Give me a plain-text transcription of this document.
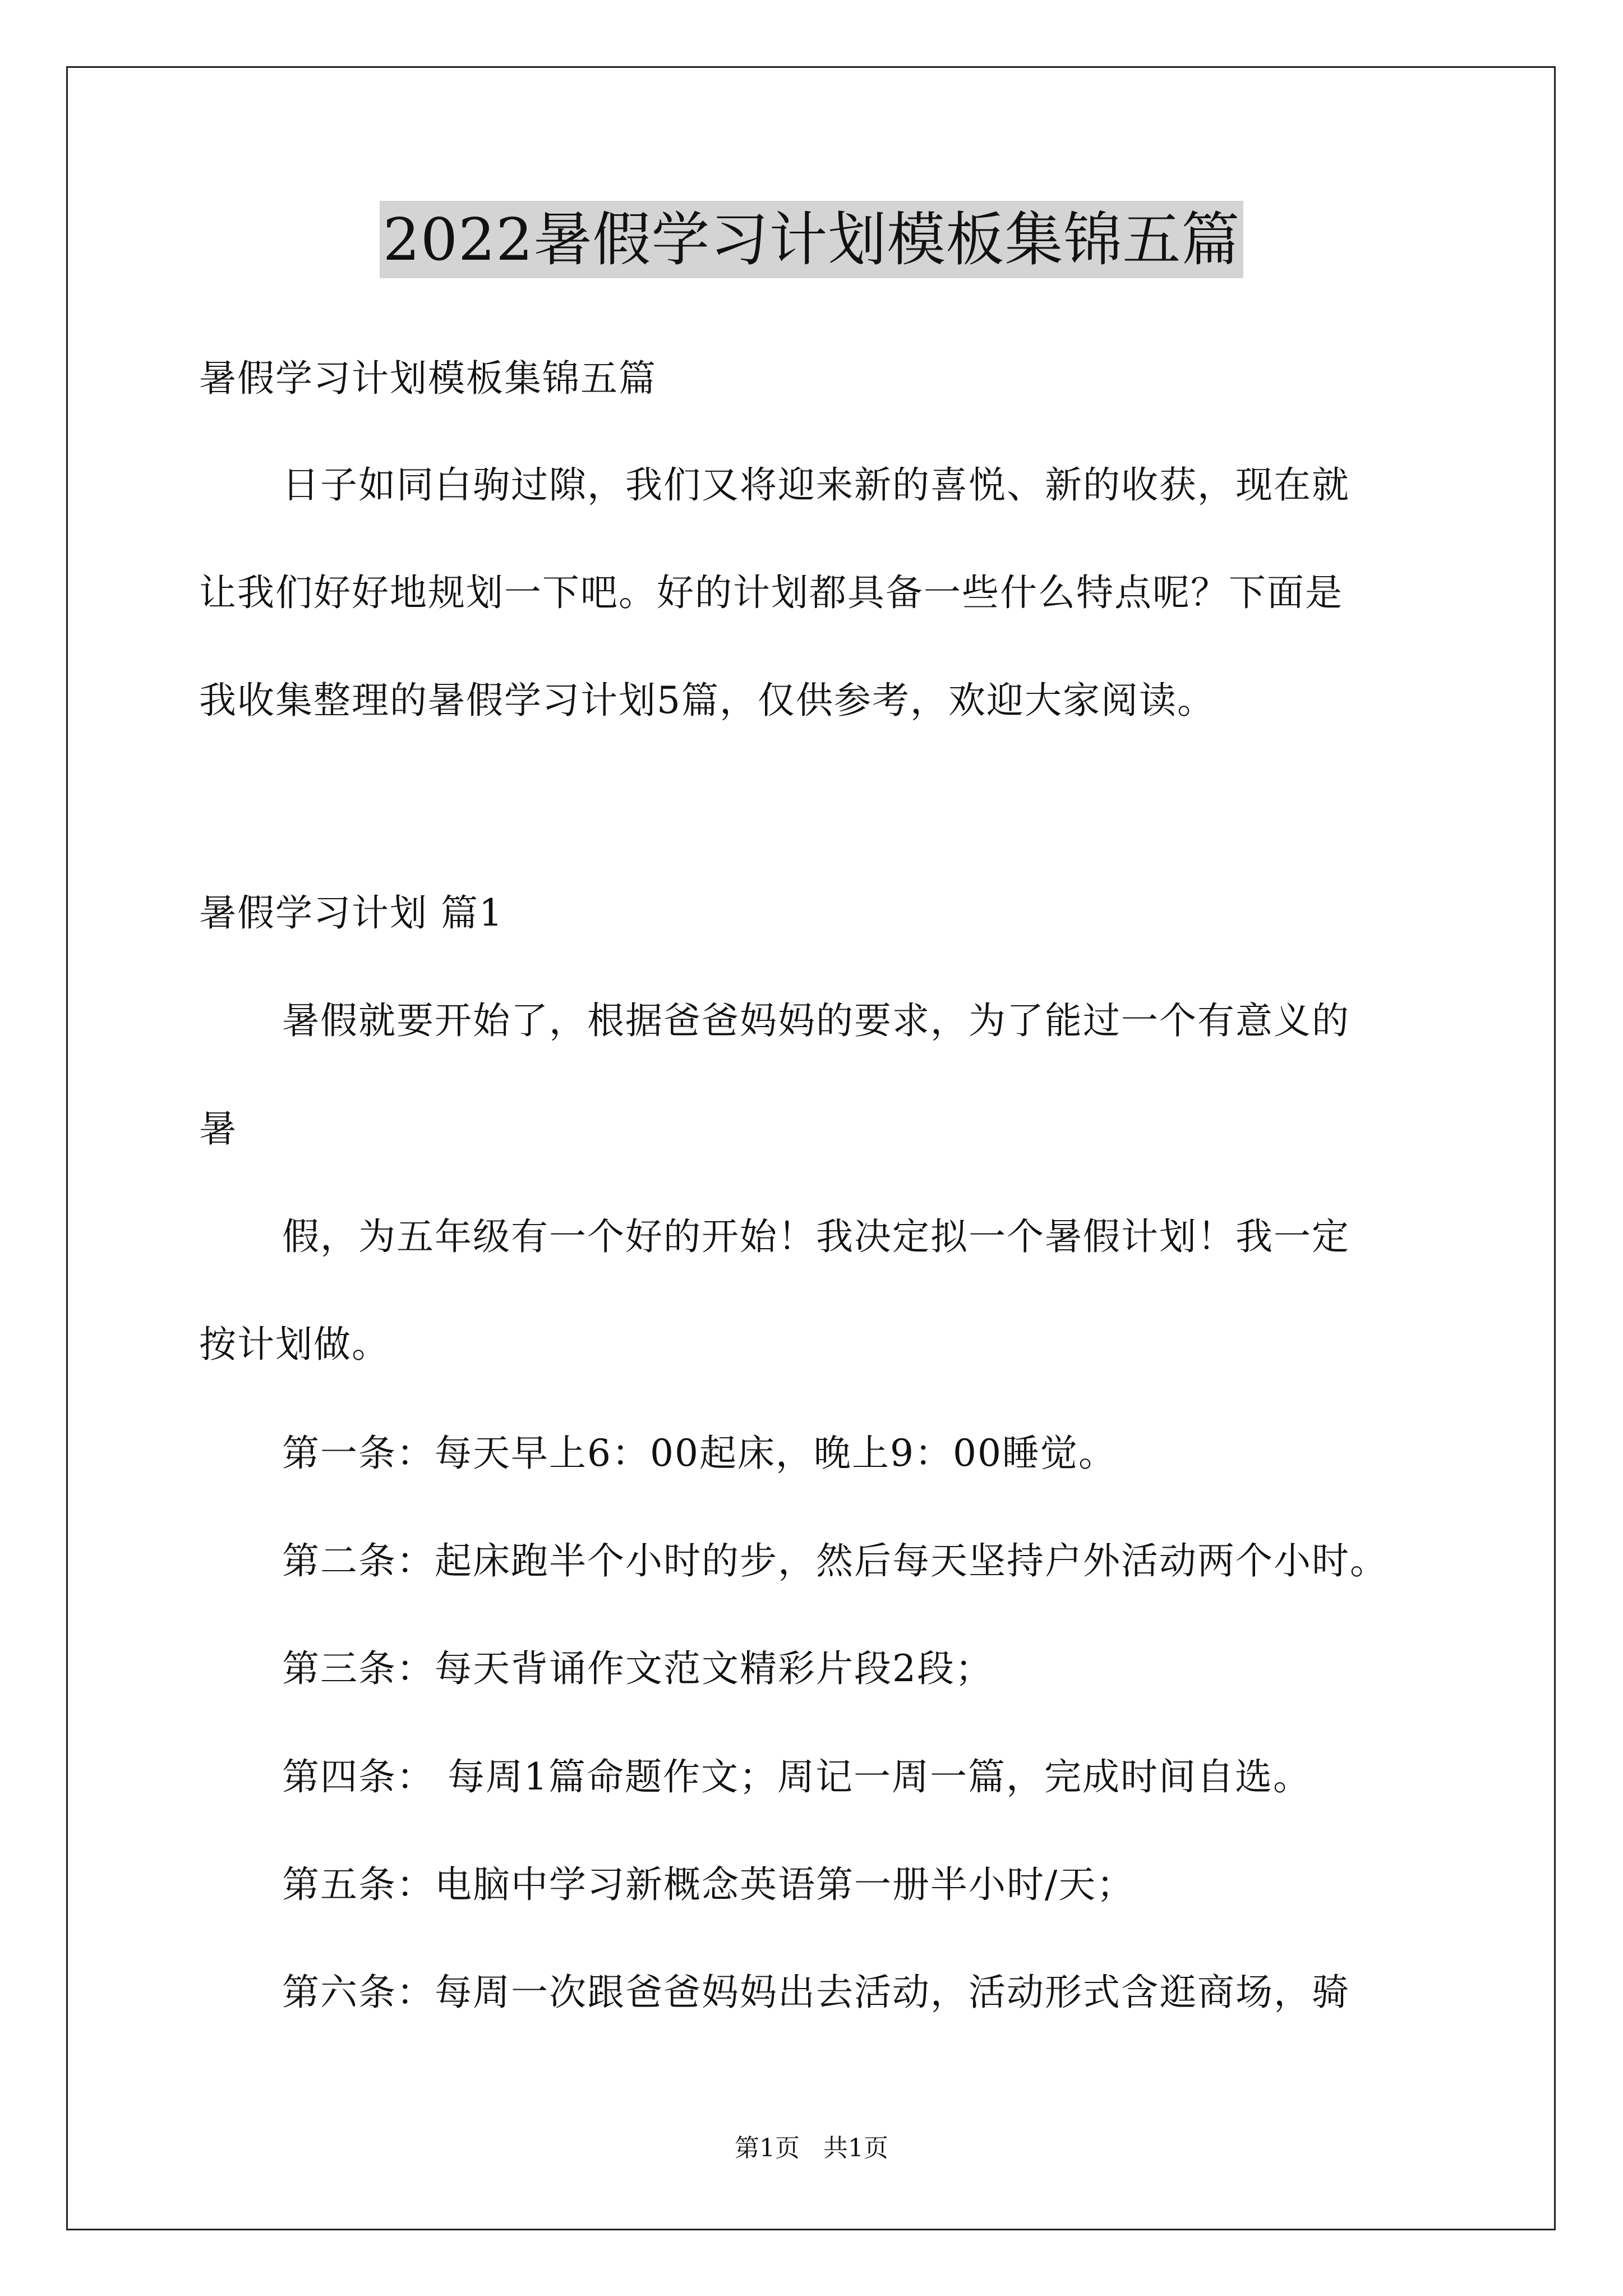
2022暑假学习计划模板集锦五篇
暑假学习计划模板集锦五篇
日子如同白驹过隙，我们又将迎来新的喜悦、新的收获，现在就
让我们好好地规划一下吧。好的计划都具备一些什么特点呢？下面是
我收集整理的暑假学习计划5篇，仅供参考，欢迎大家阅读。
暑假学习计划 篇1
暑假就要开始了，根据爸爸妈妈的要求，为了能过一个有意义的
暑
假，为五年级有一个好的开始！我决定拟一个暑假计划！我一定
按计划做。
第一条：每天早上6：00起床，晚上9：00睡觉。
第二条：起床跑半个小时的步，然后每天坚持户外活动两个小时。
第三条：每天背诵作文范文精彩片段2段；
第四条： 每周1篇命题作文；周记一周一篇，完成时间自选。
第五条：电脑中学习新概念英语第一册半小时/天；
第六条：每周一次跟爸爸妈妈出去活动，活动形式含逛商场，骑
第1页   共1页
